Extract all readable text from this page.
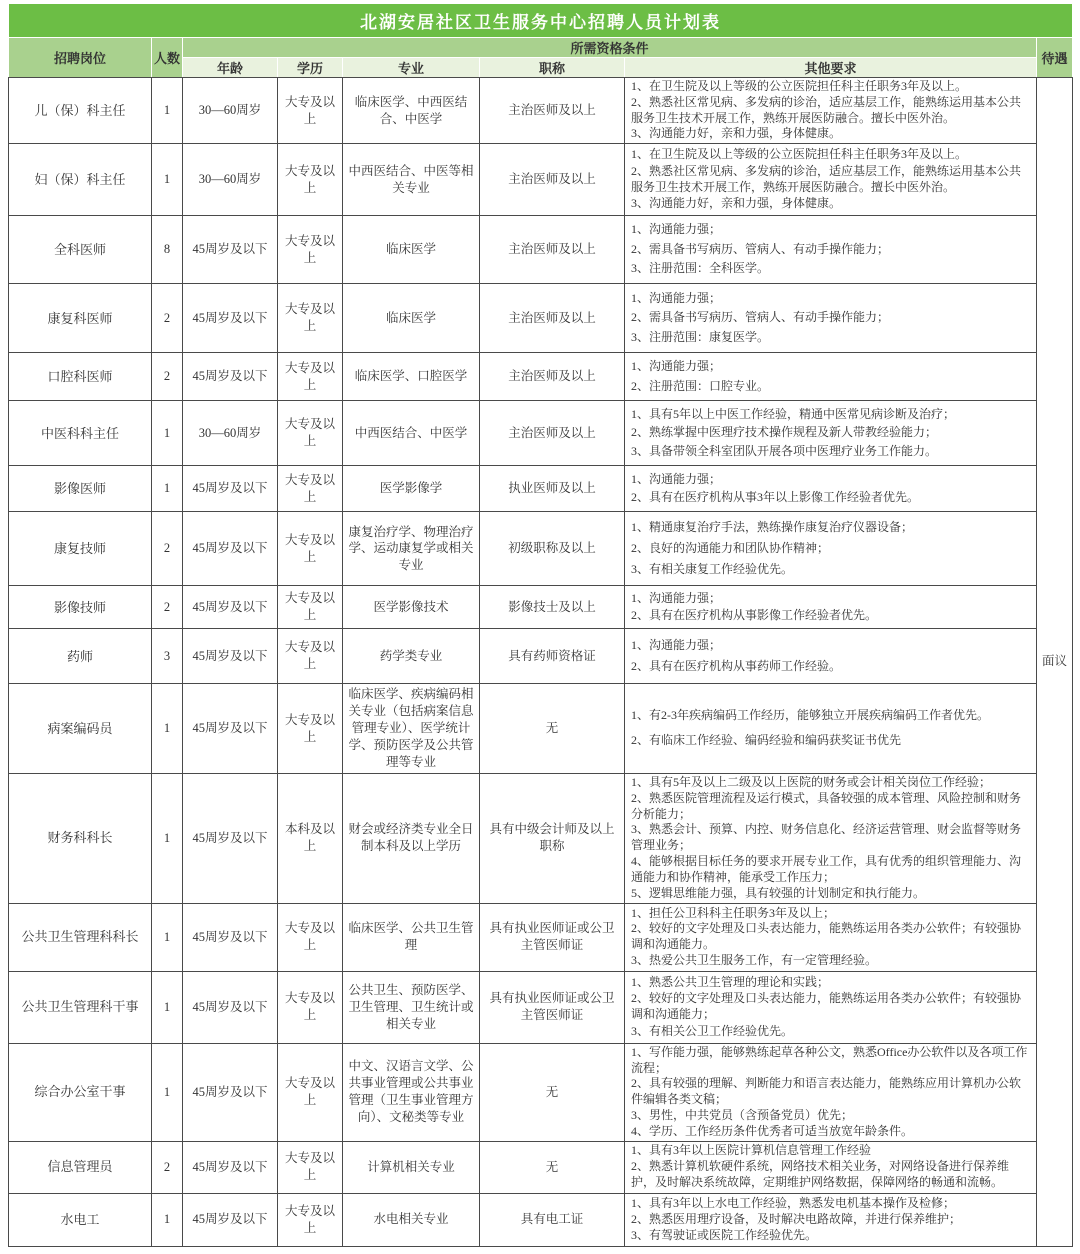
北湖安居社区卫生服务中心招聘人员计划表							
招聘岗位	人数	所需资格条件					待遇
		年龄	学历	专业	职称	其他要求	
儿（保）科主任	1	30—60周岁	大专及以上	临床医学、中西医结合、中医学	主治医师及以上	1、在卫生院及以上等级的公立医院担任科主任职务3年及以上。
2、熟悉社区常见病、多发病的诊治，适应基层工作，能熟练运用基本公共服务卫生技术开展工作，熟练开展医防融合。擅长中医外治。
3、沟通能力好，亲和力强，身体健康。	面议
妇（保）科主任	1	30—60周岁	大专及以上	中西医结合、中医等相关专业	主治医师及以上	1、在卫生院及以上等级的公立医院担任科主任职务3年及以上。
2、熟悉社区常见病、多发病的诊治，适应基层工作，能熟练运用基本公共服务卫生技术开展工作，熟练开展医防融合。擅长中医外治。
3、沟通能力好，亲和力强，身体健康。	

全科医师	8	45周岁及以下	大专及以上	临床医学	主治医师及以上	1、沟通能力强；
2、需具备书写病历、管病人、有动手操作能力；
3、注册范围：全科医学。	

康复科医师	2	45周岁及以下	大专及以上	临床医学	主治医师及以上	1、沟通能力强；
2、需具备书写病历、管病人、有动手操作能力；
3、注册范围：康复医学。	

口腔科医师	2	45周岁及以下	大专及以上	临床医学、口腔医学	主治医师及以上	1、沟通能力强；
2、注册范围：口腔专业。	

中医科科主任	1	30—60周岁	大专及以上	中西医结合、中医学	主治医师及以上	1、具有5年以上中医工作经验，精通中医常见病诊断及治疗；
2、熟练掌握中医理疗技术操作规程及新人带教经验能力；
3、具备带领全科室团队开展各项中医理疗业务工作能力。	

影像医师	1	45周岁及以下	大专及以上	医学影像学	执业医师及以上	1、沟通能力强；
2、具有在医疗机构从事3年以上影像工作经验者优先。	

康复技师	2	45周岁及以下	大专及以上	康复治疗学、物理治疗学、运动康复学或相关专业	初级职称及以上	1、精通康复治疗手法，熟练操作康复治疗仪器设备；
2、良好的沟通能力和团队协作精神；
3、有相关康复工作经验优先。	

影像技师	2	45周岁及以下	大专及以上	医学影像技术	影像技士及以上	1、沟通能力强；
2、具有在医疗机构从事影像工作经验者优先。	

药师	3	45周岁及以下	大专及以上	药学类专业	具有药师资格证	1、沟通能力强；
2、具有在医疗机构从事药师工作经验。	

病案编码员	1	45周岁及以下	大专及以上	临床医学、疾病编码相关专业（包括病案信息管理专业）、医学统计学、预防医学及公共管理等专业	无	1、有2-3年疾病编码工作经历，能够独立开展疾病编码工作者优先。
2、有临床工作经验、编码经验和编码获奖证书优先	

财务科科长	1	45周岁及以下	本科及以上	财会或经济类专业全日制本科及以上学历	具有中级会计师及以上职称	1、具有5年及以上二级及以上医院的财务或会计相关岗位工作经验；
2、熟悉医院管理流程及运行模式，具备较强的成本管理、风险控制和财务分析能力；
3、熟悉会计、预算、内控、财务信息化、经济运营管理、财会监督等财务管理业务；
4、能够根据目标任务的要求开展专业工作，具有优秀的组织管理能力、沟通能力和协作精神，能承受工作压力；
5、逻辑思维能力强，具有较强的计划制定和执行能力。	

公共卫生管理科科长	1	45周岁及以下	大专及以上	临床医学、公共卫生管理	具有执业医师证或公卫主管医师证	1、担任公卫科科主任职务3年及以上；
2、较好的文字处理及口头表达能力，能熟练运用各类办公软件；有较强协调和沟通能力。
3、热爱公共卫生服务工作，有一定管理经验。	

公共卫生管理科干事	1	45周岁及以下	大专及以上	公共卫生、预防医学、卫生管理、卫生统计或相关专业	具有执业医师证或公卫主管医师证	1、熟悉公共卫生管理的理论和实践；
2、较好的文字处理及口头表达能力，能熟练运用各类办公软件；有较强协调和沟通能力；
3、有相关公卫工作经验优先。	

综合办公室干事	1	45周岁及以下	大专及以上	中文、汉语言文学、公共事业管理或公共事业管理（卫生事业管理方向）、文秘类等专业	无	1、写作能力强，能够熟练起草各种公文，熟悉Office办公软件以及各项工作流程；
2、具有较强的理解、判断能力和语言表达能力，能熟练应用计算机办公软件编辑各类文稿；
3、男性，中共党员（含预备党员）优先；
4、学历、工作经历条件优秀者可适当放宽年龄条件。	

信息管理员	2	45周岁及以下	大专及以上	计算机相关专业	无	1、具有3年以上医院计算机信息管理工作经验
2、熟悉计算机软硬件系统，网络技术相关业务，对网络设备进行保养维护，及时解决系统故障，定期维护网络数据，保障网络的畅通和流畅。	

水电工	1	45周岁及以下	大专及以上	水电相关专业	具有电工证	1、具有3年以上水电工作经验，熟悉发电机基本操作及检修；
2、熟悉医用理疗设备，及时解决电路故障，并进行保养维护；
3、有驾驶证或医院工作经验优先。	
